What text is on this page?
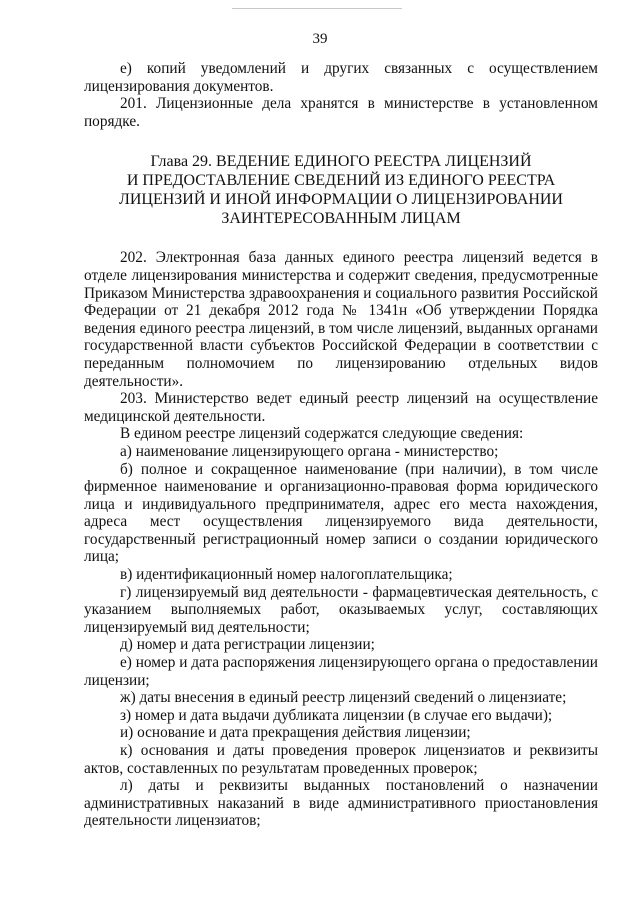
39

е) копий уведомлений и других связанных с осуществлением лицензирования документов.

201. Лицензионные дела хранятся в министерстве в установленном порядке.

Глава 29. ВЕДЕНИЕ ЕДИНОГО РЕЕСТРА ЛИЦЕНЗИЙ
И ПРЕДОСТАВЛЕНИЕ СВЕДЕНИЙ ИЗ ЕДИНОГО РЕЕСТРА
ЛИЦЕНЗИЙ И ИНОЙ ИНФОРМАЦИИ О ЛИЦЕНЗИРОВАНИИ
ЗАИНТЕРЕСОВАННЫМ ЛИЦАМ

202. Электронная база данных единого реестра лицензий ведется в отделе лицензирования министерства и содержит сведения, предусмотренные Приказом Министерства здравоохранения и социального развития Российской Федерации от 21 декабря 2012 года № 1341н «Об утверждении Порядка ведения единого реестра лицензий, в том числе лицензий, выданных органами государственной власти субъектов Российской Федерации в соответствии с переданным полномочием по лицензированию отдельных видов деятельности».

203. Министерство ведет единый реестр лицензий на осуществление медицинской деятельности.

В едином реестре лицензий содержатся следующие сведения:

а) наименование лицензирующего органа - министерство;

б) полное и сокращенное наименование (при наличии), в том числе фирменное наименование и организационно-правовая форма юридического лица и индивидуального предпринимателя, адрес его места нахождения, адреса мест осуществления лицензируемого вида деятельности, государственный регистрационный номер записи о создании юридического лица;

в) идентификационный номер налогоплательщика;

г) лицензируемый вид деятельности - фармацевтическая деятельность, с указанием выполняемых работ, оказываемых услуг, составляющих лицензируемый вид деятельности;

д) номер и дата регистрации лицензии;

е) номер и дата распоряжения лицензирующего органа о предоставлении лицензии;

ж) даты внесения в единый реестр лицензий сведений о лицензиате;

з) номер и дата выдачи дубликата лицензии (в случае его выдачи);

и) основание и дата прекращения действия лицензии;

к) основания и даты проведения проверок лицензиатов и реквизиты актов, составленных по результатам проведенных проверок;

л) даты и реквизиты выданных постановлений о назначении административных наказаний в виде административного приостановления деятельности лицензиатов;
